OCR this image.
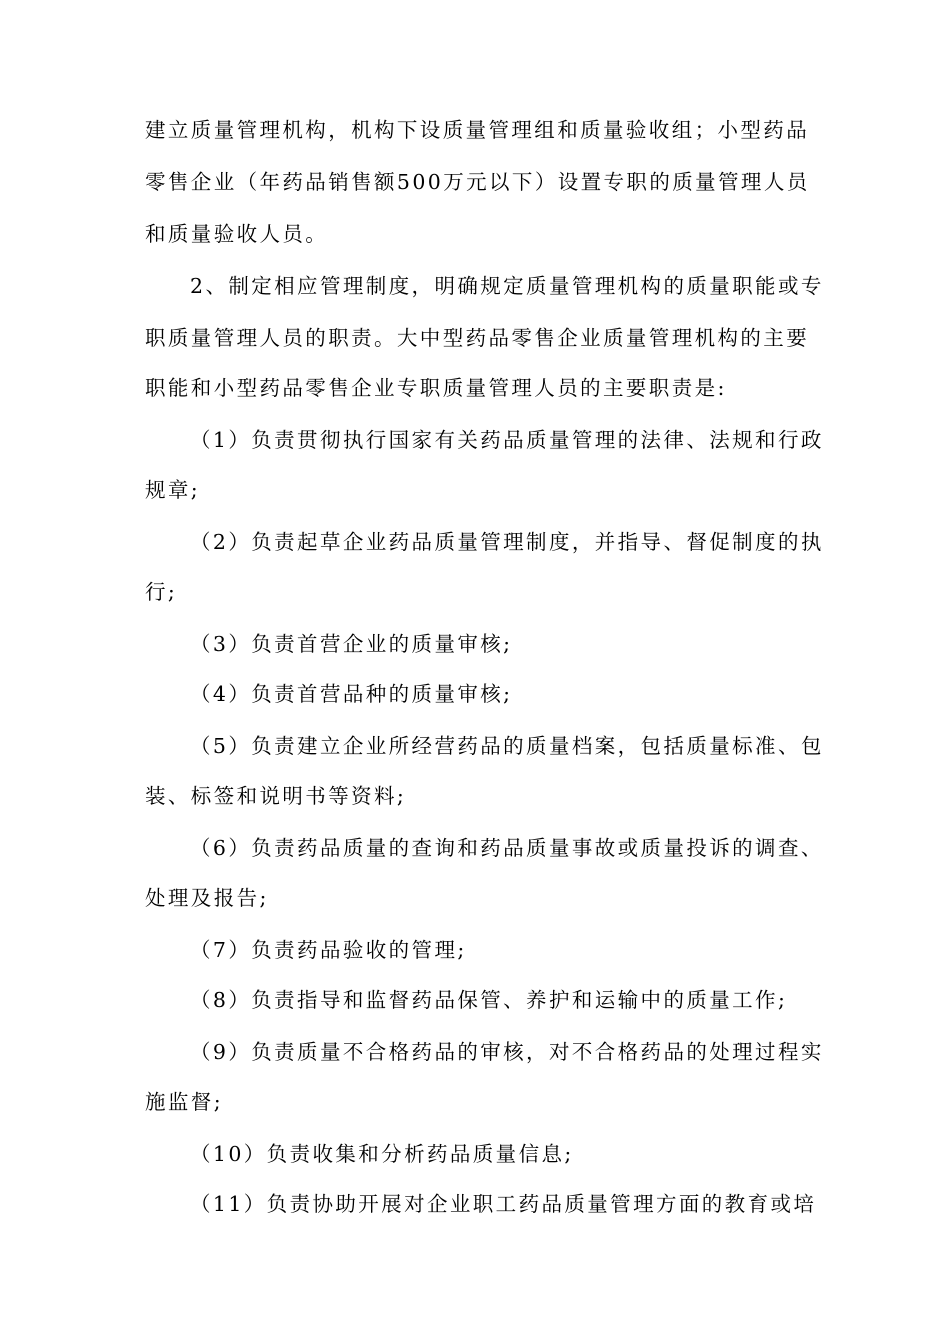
建立质量管理机构，机构下设质量管理组和质量验收组；小型药品
零售企业（年药品销售额500万元以下）设置专职的质量管理人员
和质量验收人员。
2、制定相应管理制度，明确规定质量管理机构的质量职能或专
职质量管理人员的职责。大中型药品零售企业质量管理机构的主要
职能和小型药品零售企业专职质量管理人员的主要职责是:
（1）负责贯彻执行国家有关药品质量管理的法律、法规和行政
规章;
（2）负责起草企业药品质量管理制度，并指导、督促制度的执
行;
（3）负责首营企业的质量审核;
（4）负责首营品种的质量审核;
（5）负责建立企业所经营药品的质量档案，包括质量标准、包
装、标签和说明书等资料;
（6）负责药品质量的查询和药品质量事故或质量投诉的调查、
处理及报告;
（7）负责药品验收的管理;
（8）负责指导和监督药品保管、养护和运输中的质量工作;
（9）负责质量不合格药品的审核，对不合格药品的处理过程实
施监督;
（10）负责收集和分析药品质量信息;
（11）负责协助开展对企业职工药品质量管理方面的教育或培
